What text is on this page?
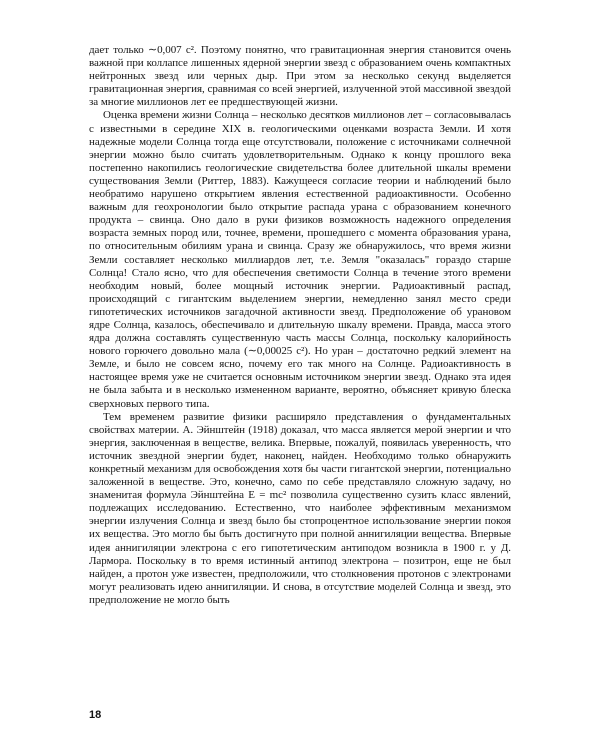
дает только ∼0,007 c². Поэтому понятно, что гравитационная энергия становится очень важной при коллапсе лишенных ядерной энергии звезд с образованием очень компактных нейтронных звезд или черных дыр. При этом за несколько секунд выделяется гравитационная энергия, сравнимая со всей энергией, излученной этой массивной звездой за многие миллионов лет ее предшествующей жизни.

Оценка времени жизни Солнца – несколько десятков миллионов лет – согласовывалась с известными в середине XIX в. геологическими оценками возраста Земли. И хотя надежные модели Солнца тогда еще отсутствовали, положение с источниками солнечной энергии можно было считать удовлетворительным. Однако к концу прошлого века постепенно накопились геологические свидетельства более длительной шкалы времени существования Земли (Риттер, 1883). Кажущееся согласие теории и наблюдений было необратимо нарушено открытием явления естественной радиоактивности. Особенно важным для геохронологии было открытие распада урана с образованием конечного продукта – свинца. Оно дало в руки физиков возможность надежного определения возраста земных пород или, точнее, времени, прошедшего с момента образования урана, по относительным обилиям урана и свинца. Сразу же обнаружилось, что время жизни Земли составляет несколько миллиардов лет, т.е. Земля "оказалась" гораздо старше Солнца! Стало ясно, что для обеспечения светимости Солнца в течение этого времени необходим новый, более мощный источник энергии. Радиоактивный распад, происходящий с гигантским выделением энергии, немедленно занял место среди гипотетических источников загадочной активности звезд. Предположение об урановом ядре Солнца, казалось, обеспечивало и длительную шкалу времени. Правда, масса этого ядра должна составлять существенную часть массы Солнца, поскольку калорийность нового горючего довольно мала (∼0,00025 c²). Но уран – достаточно редкий элемент на Земле, и было не совсем ясно, почему его так много на Солнце. Радиоактивность в настоящее время уже не считается основным источником энергии звезд. Однако эта идея не была забыта и в несколько измененном варианте, вероятно, объясняет кривую блеска сверхновых первого типа.

Тем временем развитие физики расширяло представления о фундаментальных свойствах материи. А. Эйнштейн (1918) доказал, что масса является мерой энергии и что энергия, заключенная в веществе, велика. Впервые, пожалуй, появилась уверенность, что источник звездной энергии будет, наконец, найден. Необходимо только обнаружить конкретный механизм для освобождения хотя бы части гигантской энергии, потенциально заложенной в веществе. Это, конечно, само по себе представляло сложную задачу, но знаменитая формула Эйнштейна E = mc² позволила существенно сузить класс явлений, подлежащих исследованию. Естественно, что наиболее эффективным механизмом энергии излучения Солнца и звезд было бы стопроцентное использование энергии покоя их вещества. Это могло бы быть достигнуто при полной аннигиляции вещества. Впервые идея аннигиляции электрона с его гипотетическим антиподом возникла в 1900 г. у Д. Лармора. Поскольку в то время истинный антипод электрона – позитрон, еще не был найден, а протон уже известен, предположили, что столкновения протонов с электронами могут реализовать идею аннигиляции. И снова, в отсутствие моделей Солнца и звезд, это предположение не могло быть

18
